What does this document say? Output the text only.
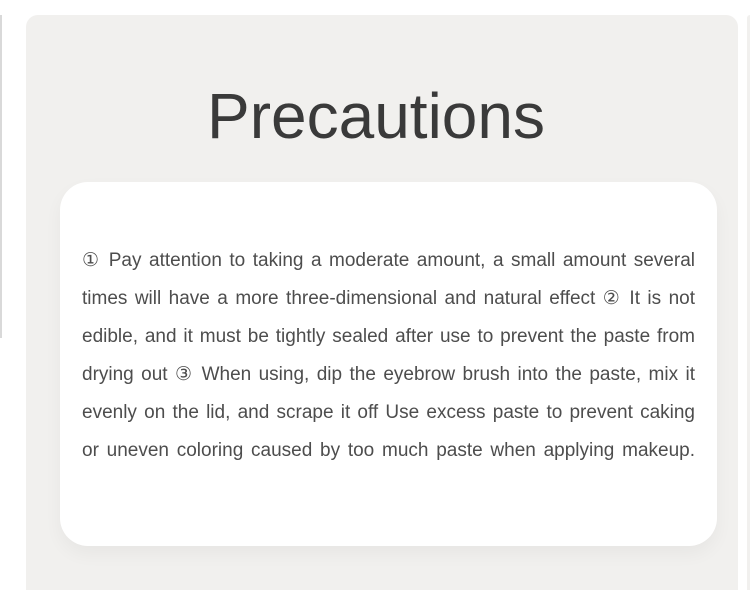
Precautions
① Pay attention to taking a moderate amount, a small amount several
times will have a more three-dimensional and natural effect ② It is not
edible, and it must be tightly sealed after use to prevent the paste from
drying out ③ When using, dip the eyebrow brush into the paste, mix it
evenly on the lid, and scrape it off Use excess paste to prevent caking
or uneven coloring caused by too much paste when applying makeup.
